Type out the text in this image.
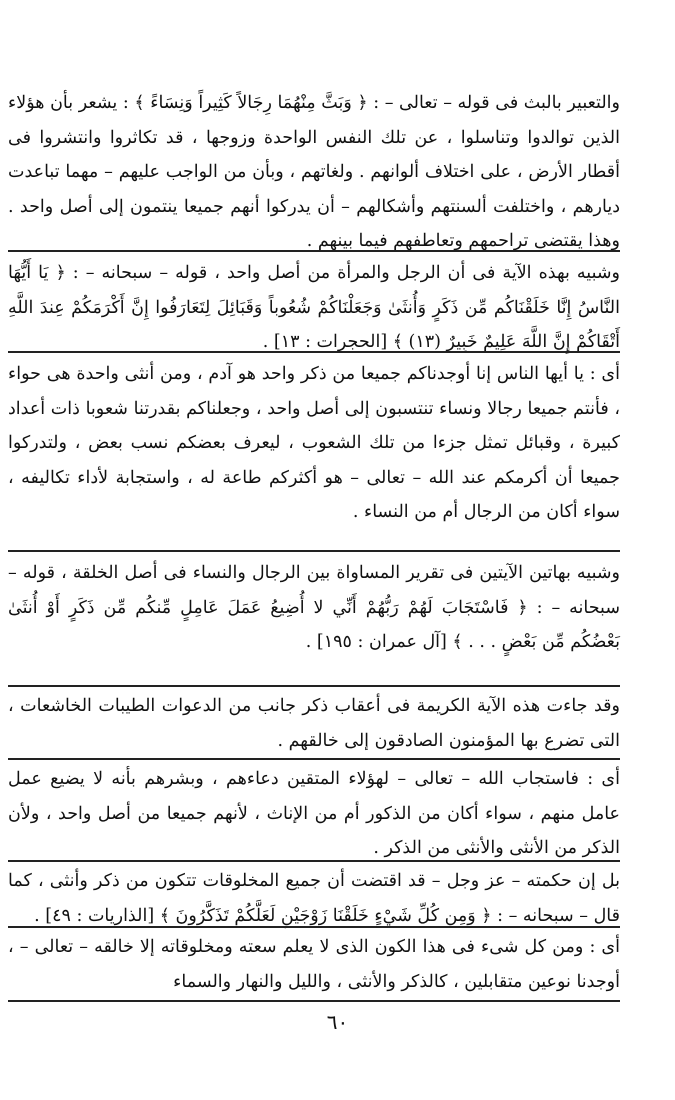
والتعبير بالبث فى قوله – تعالى – : ﴿ وَبَثَّ مِنْهُمَا رِجَالاً كَثِيراً وَنِسَاءً ﴾ : يشعر بأن هؤلاء الذين توالدوا وتناسلوا ، عن تلك النفس الواحدة وزوجها ، قد تكاثروا وانتشروا فى أقطار الأرض ، على اختلاف ألوانهم . ولغاتهم ، وبأن من الواجب عليهم – مهما تباعدت ديارهم ، واختلفت ألسنتهم وأشكالهم – أن يدركوا أنهم جميعا ينتمون إلى أصل واحد . وهذا يقتضى تراحمهم وتعاطفهم فيما بينهم .

وشبيه بهذه الآية فى أن الرجل والمرأة من أصل واحد ، قوله – سبحانه – : ﴿ يَا أَيُّهَا النَّاسُ إِنَّا خَلَقْنَاكُم مِّن ذَكَرٍ وَأُنثَىٰ وَجَعَلْنَاكُمْ شُعُوباً وَقَبَائِلَ لِتَعَارَفُوا إِنَّ أَكْرَمَكُمْ عِندَ اللَّهِ أَتْقَاكُمْ إِنَّ اللَّهَ عَلِيمٌ خَبِيرٌ (١٣) ﴾ [الحجرات : ١٣] .

أى : يا أيها الناس إنا أوجدناكم جميعا من ذكر واحد هو آدم ، ومن أنثى واحدة هى حواء ، فأنتم جميعا رجالا ونساء تنتسبون إلى أصل واحد ، وجعلناكم بقدرتنا شعوبا ذات أعداد كبيرة ، وقبائل تمثل جزءا من تلك الشعوب ، ليعرف بعضكم نسب بعض ، ولتدركوا جميعا أن أكرمكم عند الله – تعالى – هو أكثركم طاعة له ، واستجابة لأداء تكاليفه ، سواء أكان من الرجال أم من النساء .

وشبيه بهاتين الآيتين فى تقرير المساواة بين الرجال والنساء فى أصل الخلقة ، قوله – سبحانه – : ﴿ فَاسْتَجَابَ لَهُمْ رَبُّهُمْ أَنِّي لا أُضِيعُ عَمَلَ عَامِلٍ مِّنكُم مِّن ذَكَرٍ أَوْ أُنثَىٰ بَعْضُكُم مِّن بَعْضٍ . . . ﴾ [آل عمران : ١٩٥] .

وقد جاءت هذه الآية الكريمة فى أعقاب ذكر جانب من الدعوات الطيبات الخاشعات ، التى تضرع بها المؤمنون الصادقون إلى خالقهم .

أى : فاستجاب الله – تعالى – لهؤلاء المتقين دعاءهم ، وبشرهم بأنه لا يضيع عمل عامل منهم ، سواء أكان من الذكور أم من الإناث ، لأنهم جميعا من أصل واحد ، ولأن الذكر من الأنثى والأنثى من الذكر .

بل إن حكمته – عز وجل – قد اقتضت أن جميع المخلوقات تتكون من ذكر وأنثى ، كما قال – سبحانه – : ﴿ وَمِن كُلِّ شَيْءٍ خَلَقْنَا زَوْجَيْنِ لَعَلَّكُمْ تَذَكَّرُونَ ﴾ [الذاريات : ٤٩] .

أى : ومن كل شىء فى هذا الكون الذى لا يعلم سعته ومخلوقاته إلا خالقه – تعالى – ، أوجدنا نوعين متقابلين ، كالذكر والأنثى ، والليل والنهار والسماء

٦٠
